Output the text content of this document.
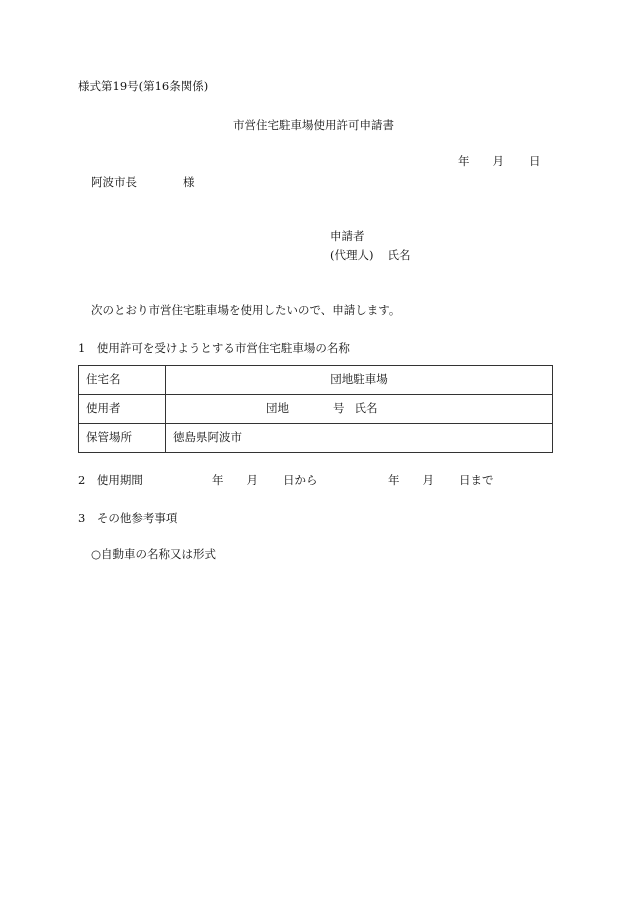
様式第19号(第16条関係)
市営住宅駐車場使用許可申請書
年 月 日
阿波市長	様
申請者
(代理人) 氏名
次のとおり市営住宅駐車場を使用したいので、申請します。
1　使用許可を受けようとする市営住宅駐車場の名称
住宅名	団地駐車場
使用者	団地 号 氏名
保管場所	徳島県阿波市
2　使用期間	年 月 日から	年 月 日まで
3　その他参考事項
○自動車の名称又は形式
